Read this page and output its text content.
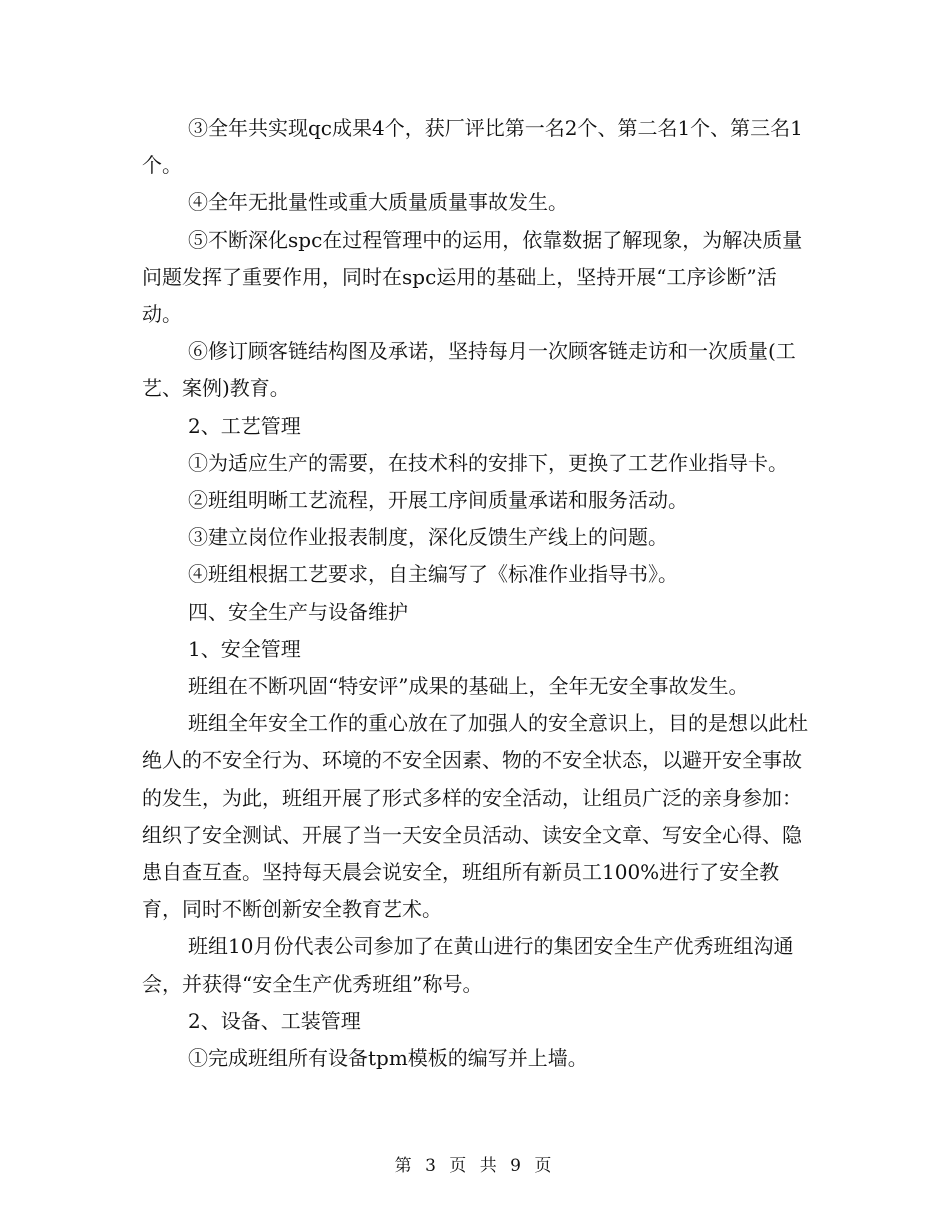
③全年共实现qc成果4个，获厂评比第一名2个、第二名1个、第三名1个。

④全年无批量性或重大质量质量事故发生。

⑤不断深化spc在过程管理中的运用，依靠数据了解现象，为解决质量问题发挥了重要作用，同时在spc运用的基础上，坚持开展“工序诊断”活动。

⑥修订顾客链结构图及承诺，坚持每月一次顾客链走访和一次质量(工艺、案例)教育。

2、工艺管理

①为适应生产的需要，在技术科的安排下，更换了工艺作业指导卡。

②班组明晰工艺流程，开展工序间质量承诺和服务活动。

③建立岗位作业报表制度，深化反馈生产线上的问题。

④班组根据工艺要求，自主编写了《标准作业指导书》。

四、安全生产与设备维护

1、安全管理

班组在不断巩固“特安评”成果的基础上，全年无安全事故发生。

班组全年安全工作的重心放在了加强人的安全意识上，目的是想以此杜绝人的不安全行为、环境的不安全因素、物的不安全状态，以避开安全事故的发生，为此，班组开展了形式多样的安全活动，让组员广泛的亲身参加：组织了安全测试、开展了当一天安全员活动、读安全文章、写安全心得、隐患自查互查。坚持每天晨会说安全，班组所有新员工100%进行了安全教育，同时不断创新安全教育艺术。

班组10月份代表公司参加了在黄山进行的集团安全生产优秀班组沟通会，并获得“安全生产优秀班组”称号。

2、设备、工装管理

①完成班组所有设备tpm模板的编写并上墙。

第 3 页 共 9 页
